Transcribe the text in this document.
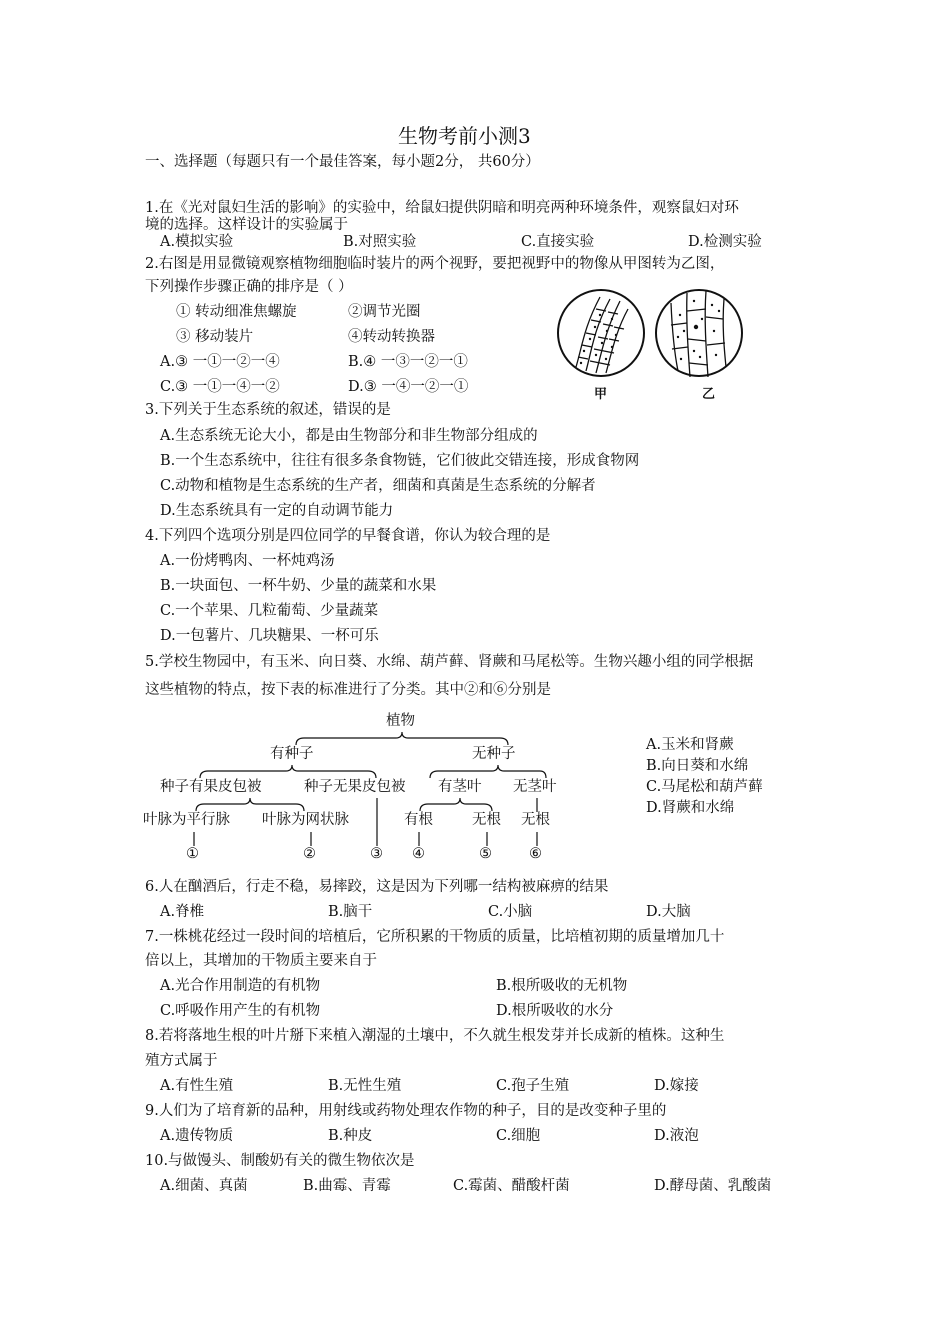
生物考前小测3
一、选择题（每题只有一个最佳答案，每小题2分， 共60分）
1.在《光对鼠妇生活的影响》的实验中，给鼠妇提供阴暗和明亮两种环境条件，观察鼠妇对环
境的选择。这样设计的实验属于
A.模拟实验	B.对照实验	C.直接实验	D.检测实验
2.右图是用显微镜观察植物细胞临时装片的两个视野，要把视野中的物像从甲图转为乙图，
下列操作步骤正确的排序是（ ）
① 转动细准焦螺旋	②调节光圈
③ 移动装片	④转动转换器
A.③ 一①一②一④	B.④ 一③一②一①
C.③ 一①一④一②	D.③ 一④一②一①	甲	乙
3.下列关于生态系统的叙述，错误的是
A.生态系统无论大小，都是由生物部分和非生物部分组成的
B.一个生态系统中，往往有很多条食物链，它们彼此交错连接，形成食物网
C.动物和植物是生态系统的生产者，细菌和真菌是生态系统的分解者
D.生态系统具有一定的自动调节能力
4.下列四个选项分别是四位同学的早餐食谱，你认为较合理的是
A.一份烤鸭肉、一杯炖鸡汤
B.一块面包、一杯牛奶、少量的蔬菜和水果
C.一个苹果、几粒葡萄、少量蔬菜
D.一包薯片、几块糖果、一杯可乐
5.学校生物园中，有玉米、向日葵、水绵、葫芦藓、肾蕨和马尾松等。生物兴趣小组的同学根据
这些植物的特点，按下表的标准进行了分类。其中②和⑥分别是
植物
有种子	无种子
种子有果皮包被	种子无果皮包被 有茎叶 无茎叶
叶脉为平行脉 叶脉为网状脉	有根	无根 无根
①	②	③ ④	⑤	⑥
A.玉米和肾蕨
B.向日葵和水绵
C.马尾松和葫芦藓
D.肾蕨和水绵
6.人在酗酒后，行走不稳，易摔跤，这是因为下列哪一结构被麻痹的结果
A.脊椎	B.脑干	C.小脑	D.大脑
7.一株桃花经过一段时间的培植后，它所积累的干物质的质量，比培植初期的质量增加几十
倍以上，其增加的干物质主要来自于
A.光合作用制造的有机物	B.根所吸收的无机物
C.呼吸作用产生的有机物	D.根所吸收的水分
8.若将落地生根的叶片掰下来植入潮湿的土壤中，不久就生根发芽并长成新的植株。这种生
殖方式属于
A.有性生殖	B.无性生殖	C.孢子生殖	D.嫁接
9.人们为了培育新的品种，用射线或药物处理农作物的种子，目的是改变种子里的
A.遗传物质	B.种皮	C.细胞	D.液泡
10.与做馒头、制酸奶有关的微生物依次是
A.细菌、真菌	B.曲霉、青霉	C.霉菌、醋酸杆菌	D.酵母菌、乳酸菌
